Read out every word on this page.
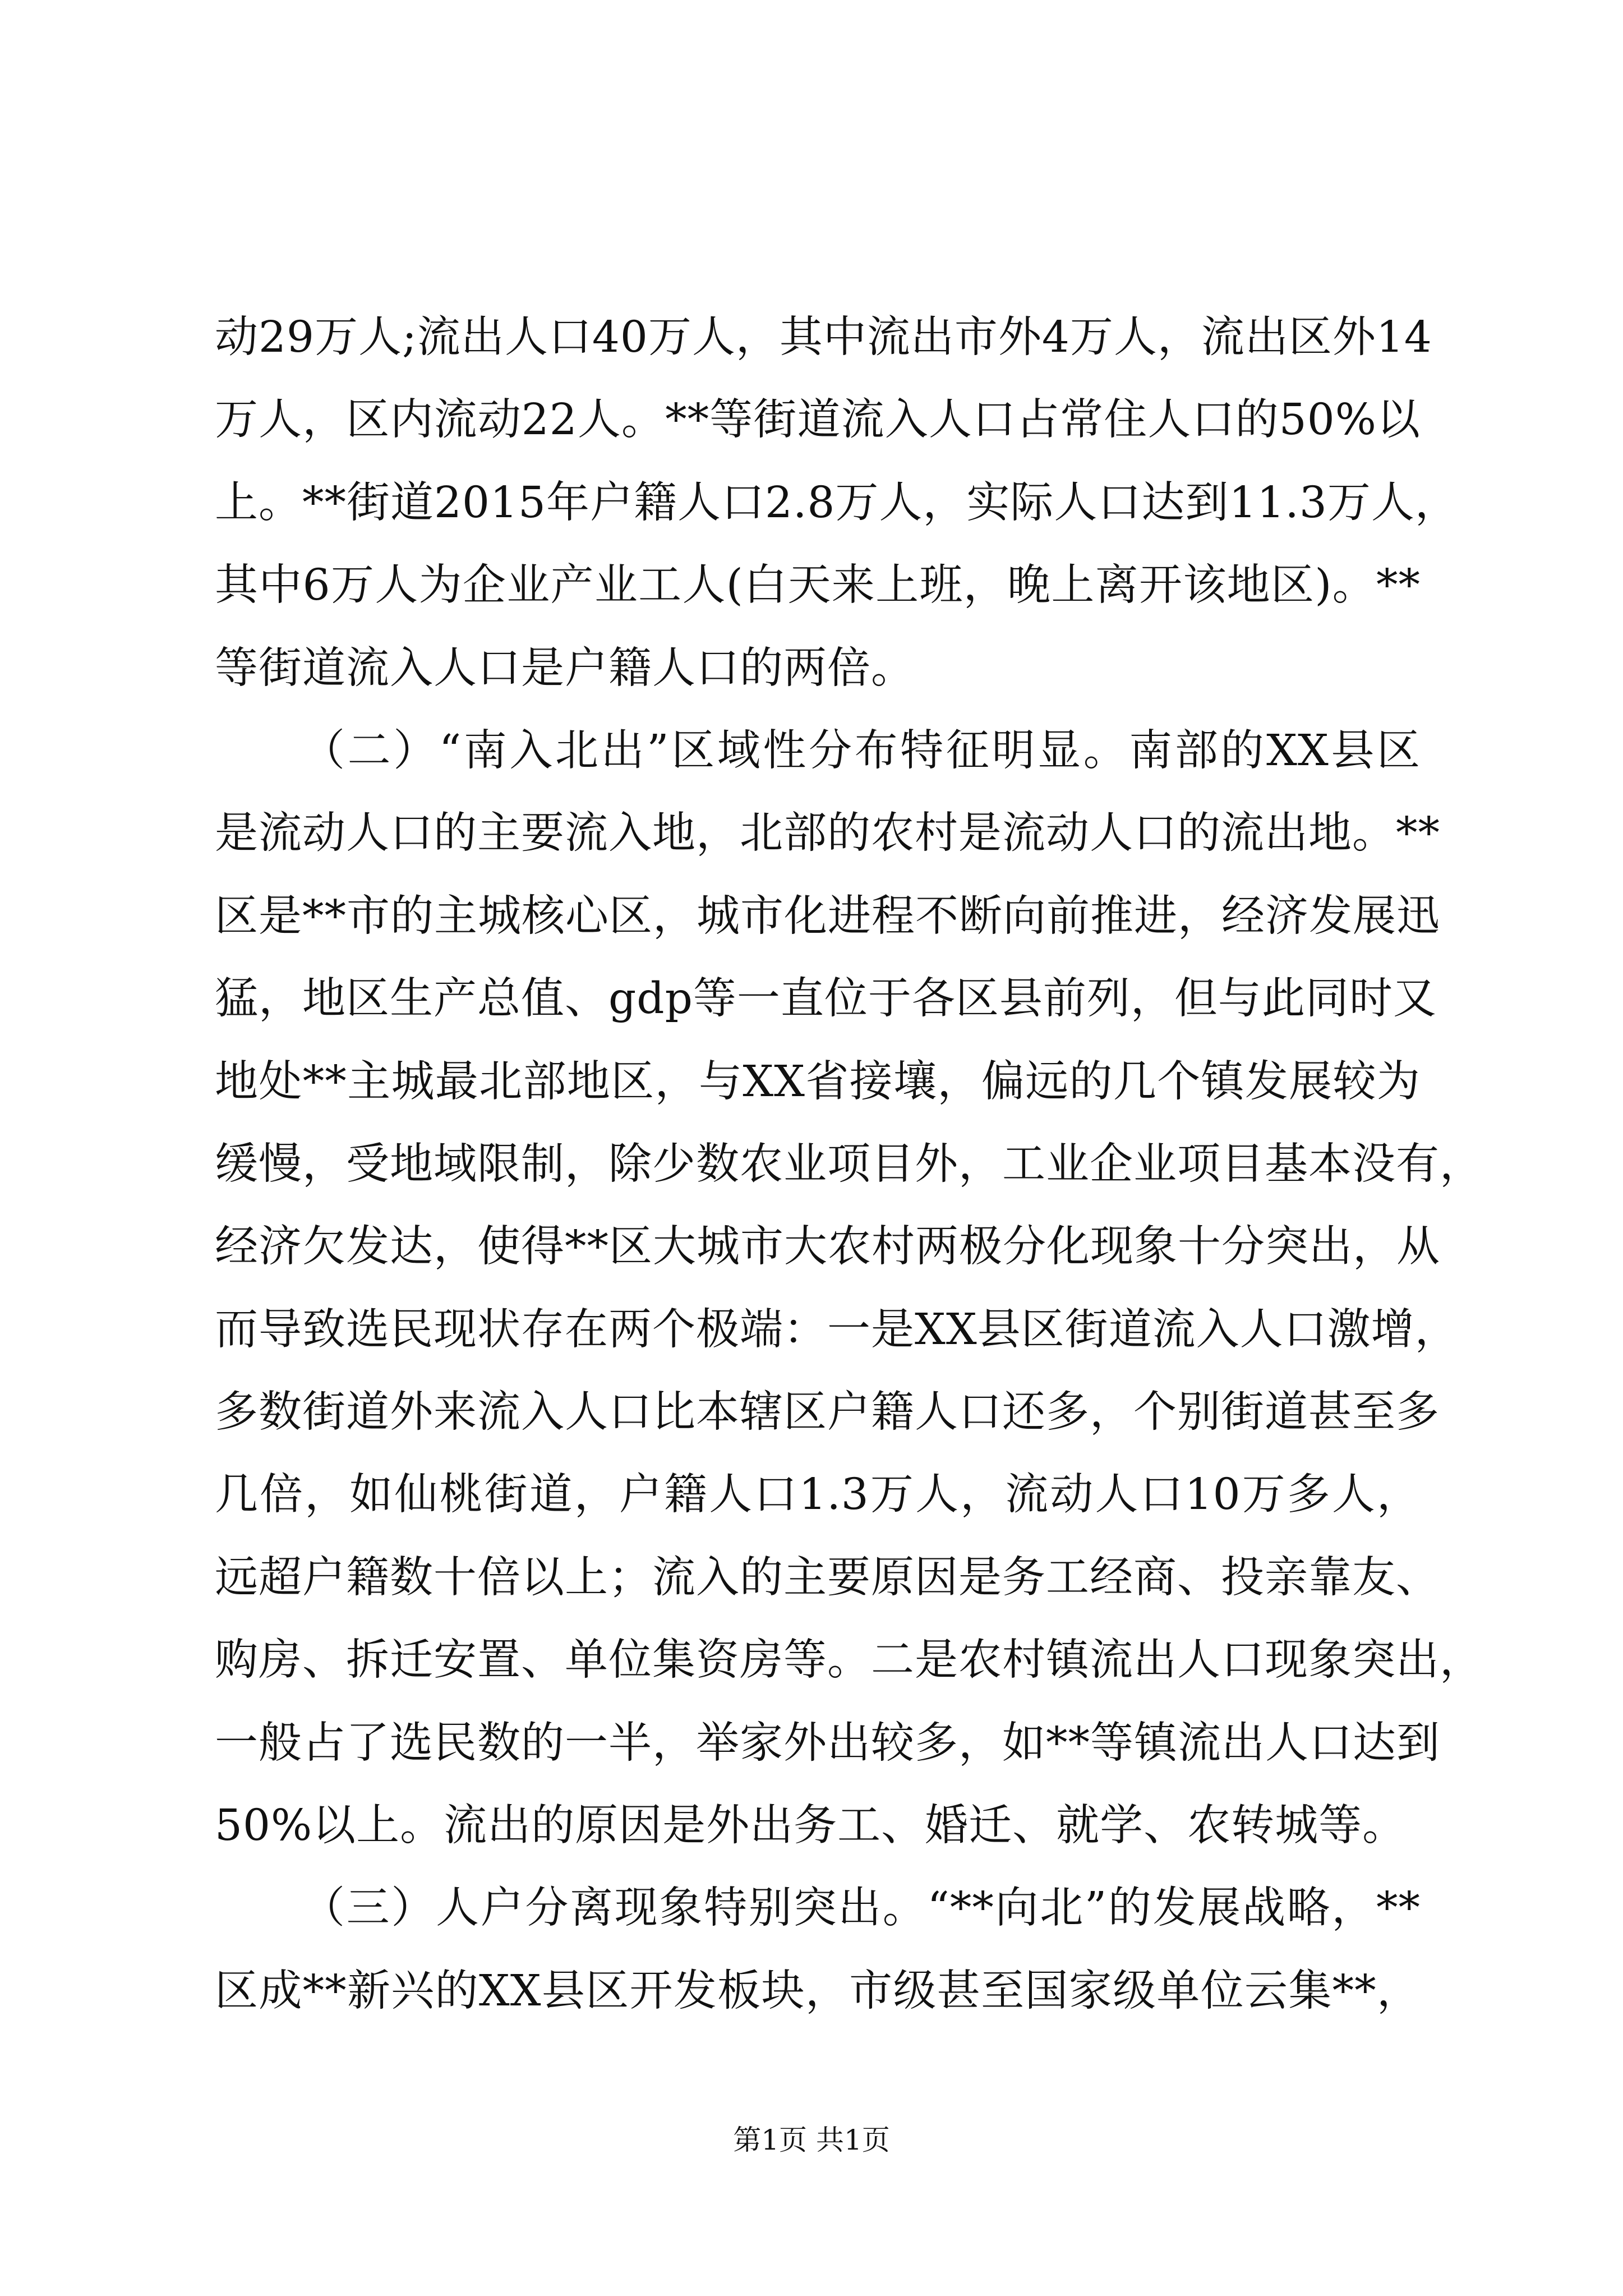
动29万人;流出人口40万人，其中流出市外4万人，流出区外14
万人，区内流动22人。**等街道流入人口占常住人口的50%以
上。**街道2015年户籍人口2.8万人，实际人口达到11.3万人，
其中6万人为企业产业工人(白天来上班，晚上离开该地区)。**
等街道流入人口是户籍人口的两倍。
（二）“南入北出”区域性分布特征明显。南部的XX县区
是流动人口的主要流入地，北部的农村是流动人口的流出地。**
区是**市的主城核心区，城市化进程不断向前推进，经济发展迅
猛，地区生产总值、gdp等一直位于各区县前列，但与此同时又
地处**主城最北部地区，与XX省接壤，偏远的几个镇发展较为
缓慢，受地域限制，除少数农业项目外，工业企业项目基本没有，
经济欠发达，使得**区大城市大农村两极分化现象十分突出，从
而导致选民现状存在两个极端：一是XX县区街道流入人口激增，
多数街道外来流入人口比本辖区户籍人口还多，个别街道甚至多
几倍，如仙桃街道，户籍人口1.3万人，流动人口10万多人，
远超户籍数十倍以上；流入的主要原因是务工经商、投亲靠友、
购房、拆迁安置、单位集资房等。二是农村镇流出人口现象突出，
一般占了选民数的一半，举家外出较多，如**等镇流出人口达到
50%以上。流出的原因是外出务工、婚迁、就学、农转城等。
（三）人户分离现象特别突出。“**向北”的发展战略，**
区成**新兴的XX县区开发板块，市级甚至国家级单位云集**，
第1页 共1页
